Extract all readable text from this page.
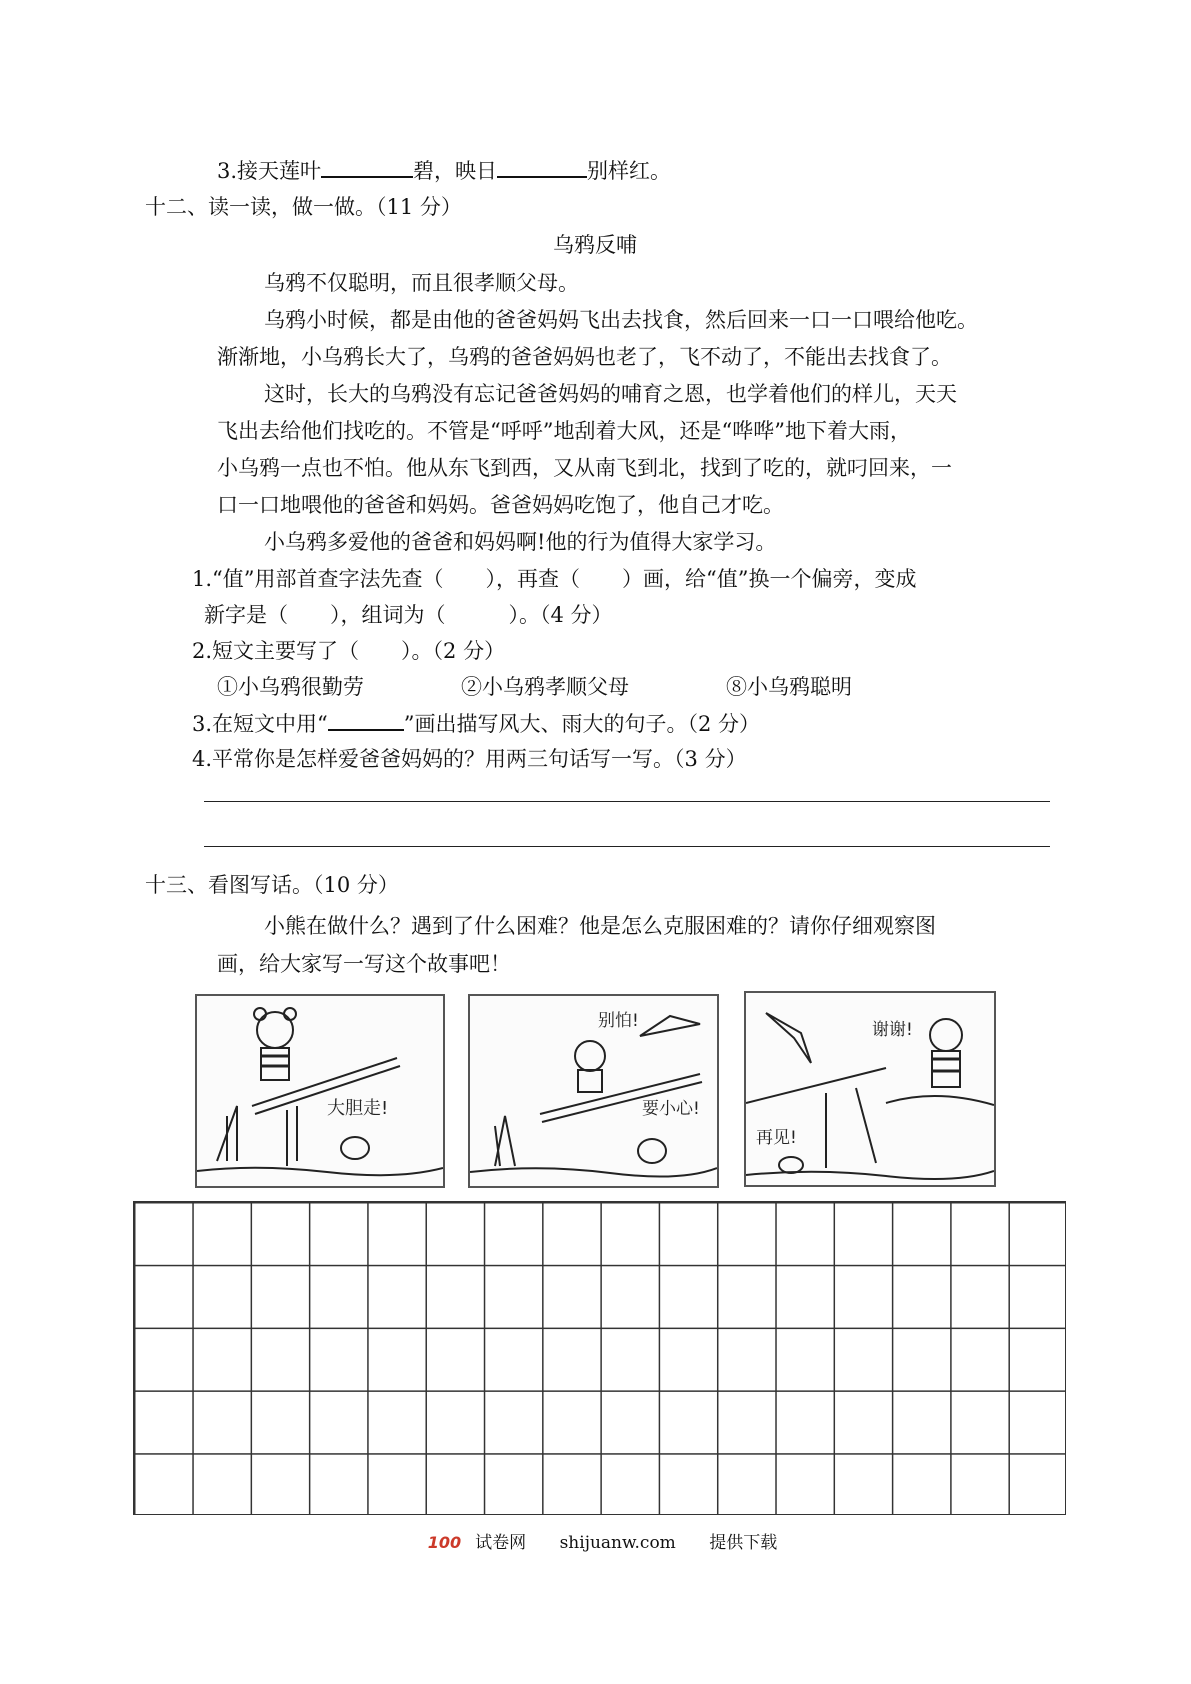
3.接天莲叶	碧，映日	别样红。
十二、读一读，做一做。（11 分）
乌鸦反哺
乌鸦不仅聪明，而且很孝顺父母。
乌鸦小时候，都是由他的爸爸妈妈飞出去找食，然后回来一口一口喂给他吃。
渐渐地，小乌鸦长大了，乌鸦的爸爸妈妈也老了，飞不动了，不能出去找食了。
这时，长大的乌鸦没有忘记爸爸妈妈的哺育之恩，也学着他们的样儿，天天
飞出去给他们找吃的。不管是“呼呼”地刮着大风，还是“哗哗”地下着大雨，
小乌鸦一点也不怕。他从东飞到西，又从南飞到北，找到了吃的，就叼回来，一
口一口地喂他的爸爸和妈妈。爸爸妈妈吃饱了，他自己才吃。
小乌鸦多爱他的爸爸和妈妈啊!他的行为值得大家学习。
1.“值”用部首查字法先查（　　），再查（　　）画，给“值”换一个偏旁，变成
新字是（　　），组词为（　　　）。（4 分）
2.短文主要写了（　　）。（2 分）
①小乌鸦很勤劳	②小乌鸦孝顺父母	⑧小乌鸦聪明
3.在短文中用“	”画出描写风大、雨大的句子。（2 分）
4.平常你是怎样爱爸爸妈妈的？用两三句话写一写。（3 分）
十三、看图写话。（10 分）
小熊在做什么？遇到了什么困难？他是怎么克服困难的？请你仔细观察图
画，给大家写一写这个故事吧！
大胆走!
别怕!
要小心!
谢谢!
再见!
100 试卷网 shijuanw.com 提供下载
